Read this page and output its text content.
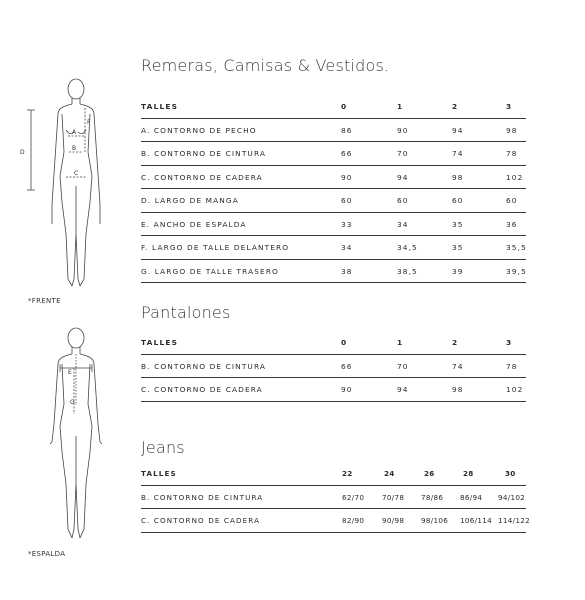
D
F
A
B
C
*FRENTE
E
G
*ESPALDA
Remeras, Camisas & Vestidos.
TALLES	0	1	2	3
A. CONTORNO DE PECHO	86	90	94	98
B. CONTORNO DE CINTURA	66	70	74	78
C. CONTORNO DE CADERA	90	94	98	102
D. LARGO DE MANGA	60	60	60	60
E. ANCHO DE ESPALDA	33	34	35	36
F. LARGO DE TALLE DELANTERO	34	34,5	35	35,5
G. LARGO DE TALLE TRASERO	38	38,5	39	39,5
Pantalones
TALLES	0	1	2	3
B. CONTORNO DE CINTURA	66	70	74	78
C. CONTORNO DE CADERA	90	94	98	102
Jeans
TALLES	22	24	26	28	30
B. CONTORNO DE CINTURA	62/70 70/78 78/86 86/94 94/102
C. CONTORNO DE CADERA	82/90 90/98 98/106 106/114 114/122
